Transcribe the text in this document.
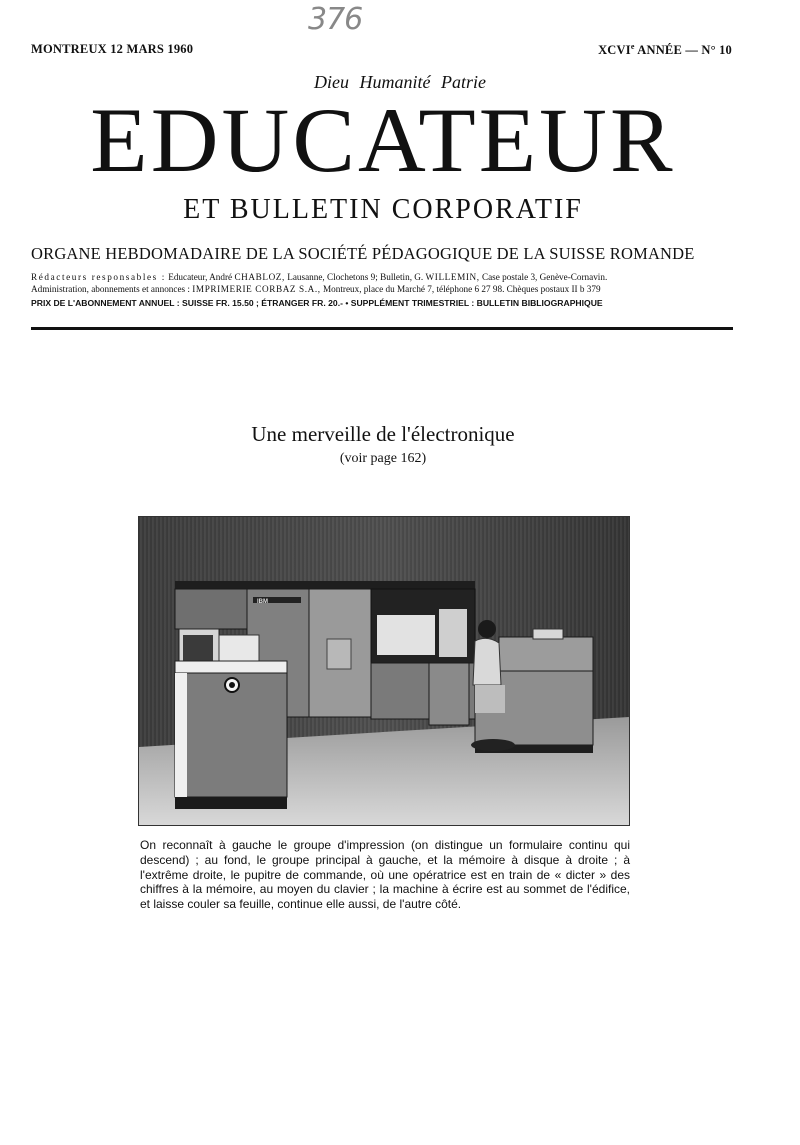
376
MONTREUX 12 MARS 1960	XCVIe ANNÉE — N° 10
Dieu Humanité Patrie
EDUCATEUR
ET BULLETIN CORPORATIF
ORGANE HEBDOMADAIRE DE LA SOCIÉTÉ PÉDAGOGIQUE DE LA SUISSE ROMANDE
Rédacteurs responsables : Educateur, André CHABLOZ, Lausanne, Clochetons 9; Bulletin, G. WILLEMIN, Case postale 3, Genève-Cornavin.
Administration, abonnements et annonces : IMPRIMERIE CORBAZ S.A., Montreux, place du Marché 7, téléphone 6 27 98. Chèques postaux II b 379
PRIX DE L'ABONNEMENT ANNUEL : SUISSE FR. 15.50 ; ÉTRANGER FR. 20.- • SUPPLÉMENT TRIMESTRIEL : BULLETIN BIBLIOGRAPHIQUE
Une merveille de l'électronique
(voir page 162)
IBM
On reconnaît à gauche le groupe d'impression (on distingue un formulaire continu qui descend) ; au fond, le groupe principal à gauche, et la mémoire à disque à droite ; à l'extrême droite, le pupitre de commande, où une opératrice est en train de « dicter » des chiffres à la mémoire, au moyen du clavier ; la machine à écrire est au sommet de l'édifice, et laisse couler sa feuille, continue elle aussi, de l'autre côté.
